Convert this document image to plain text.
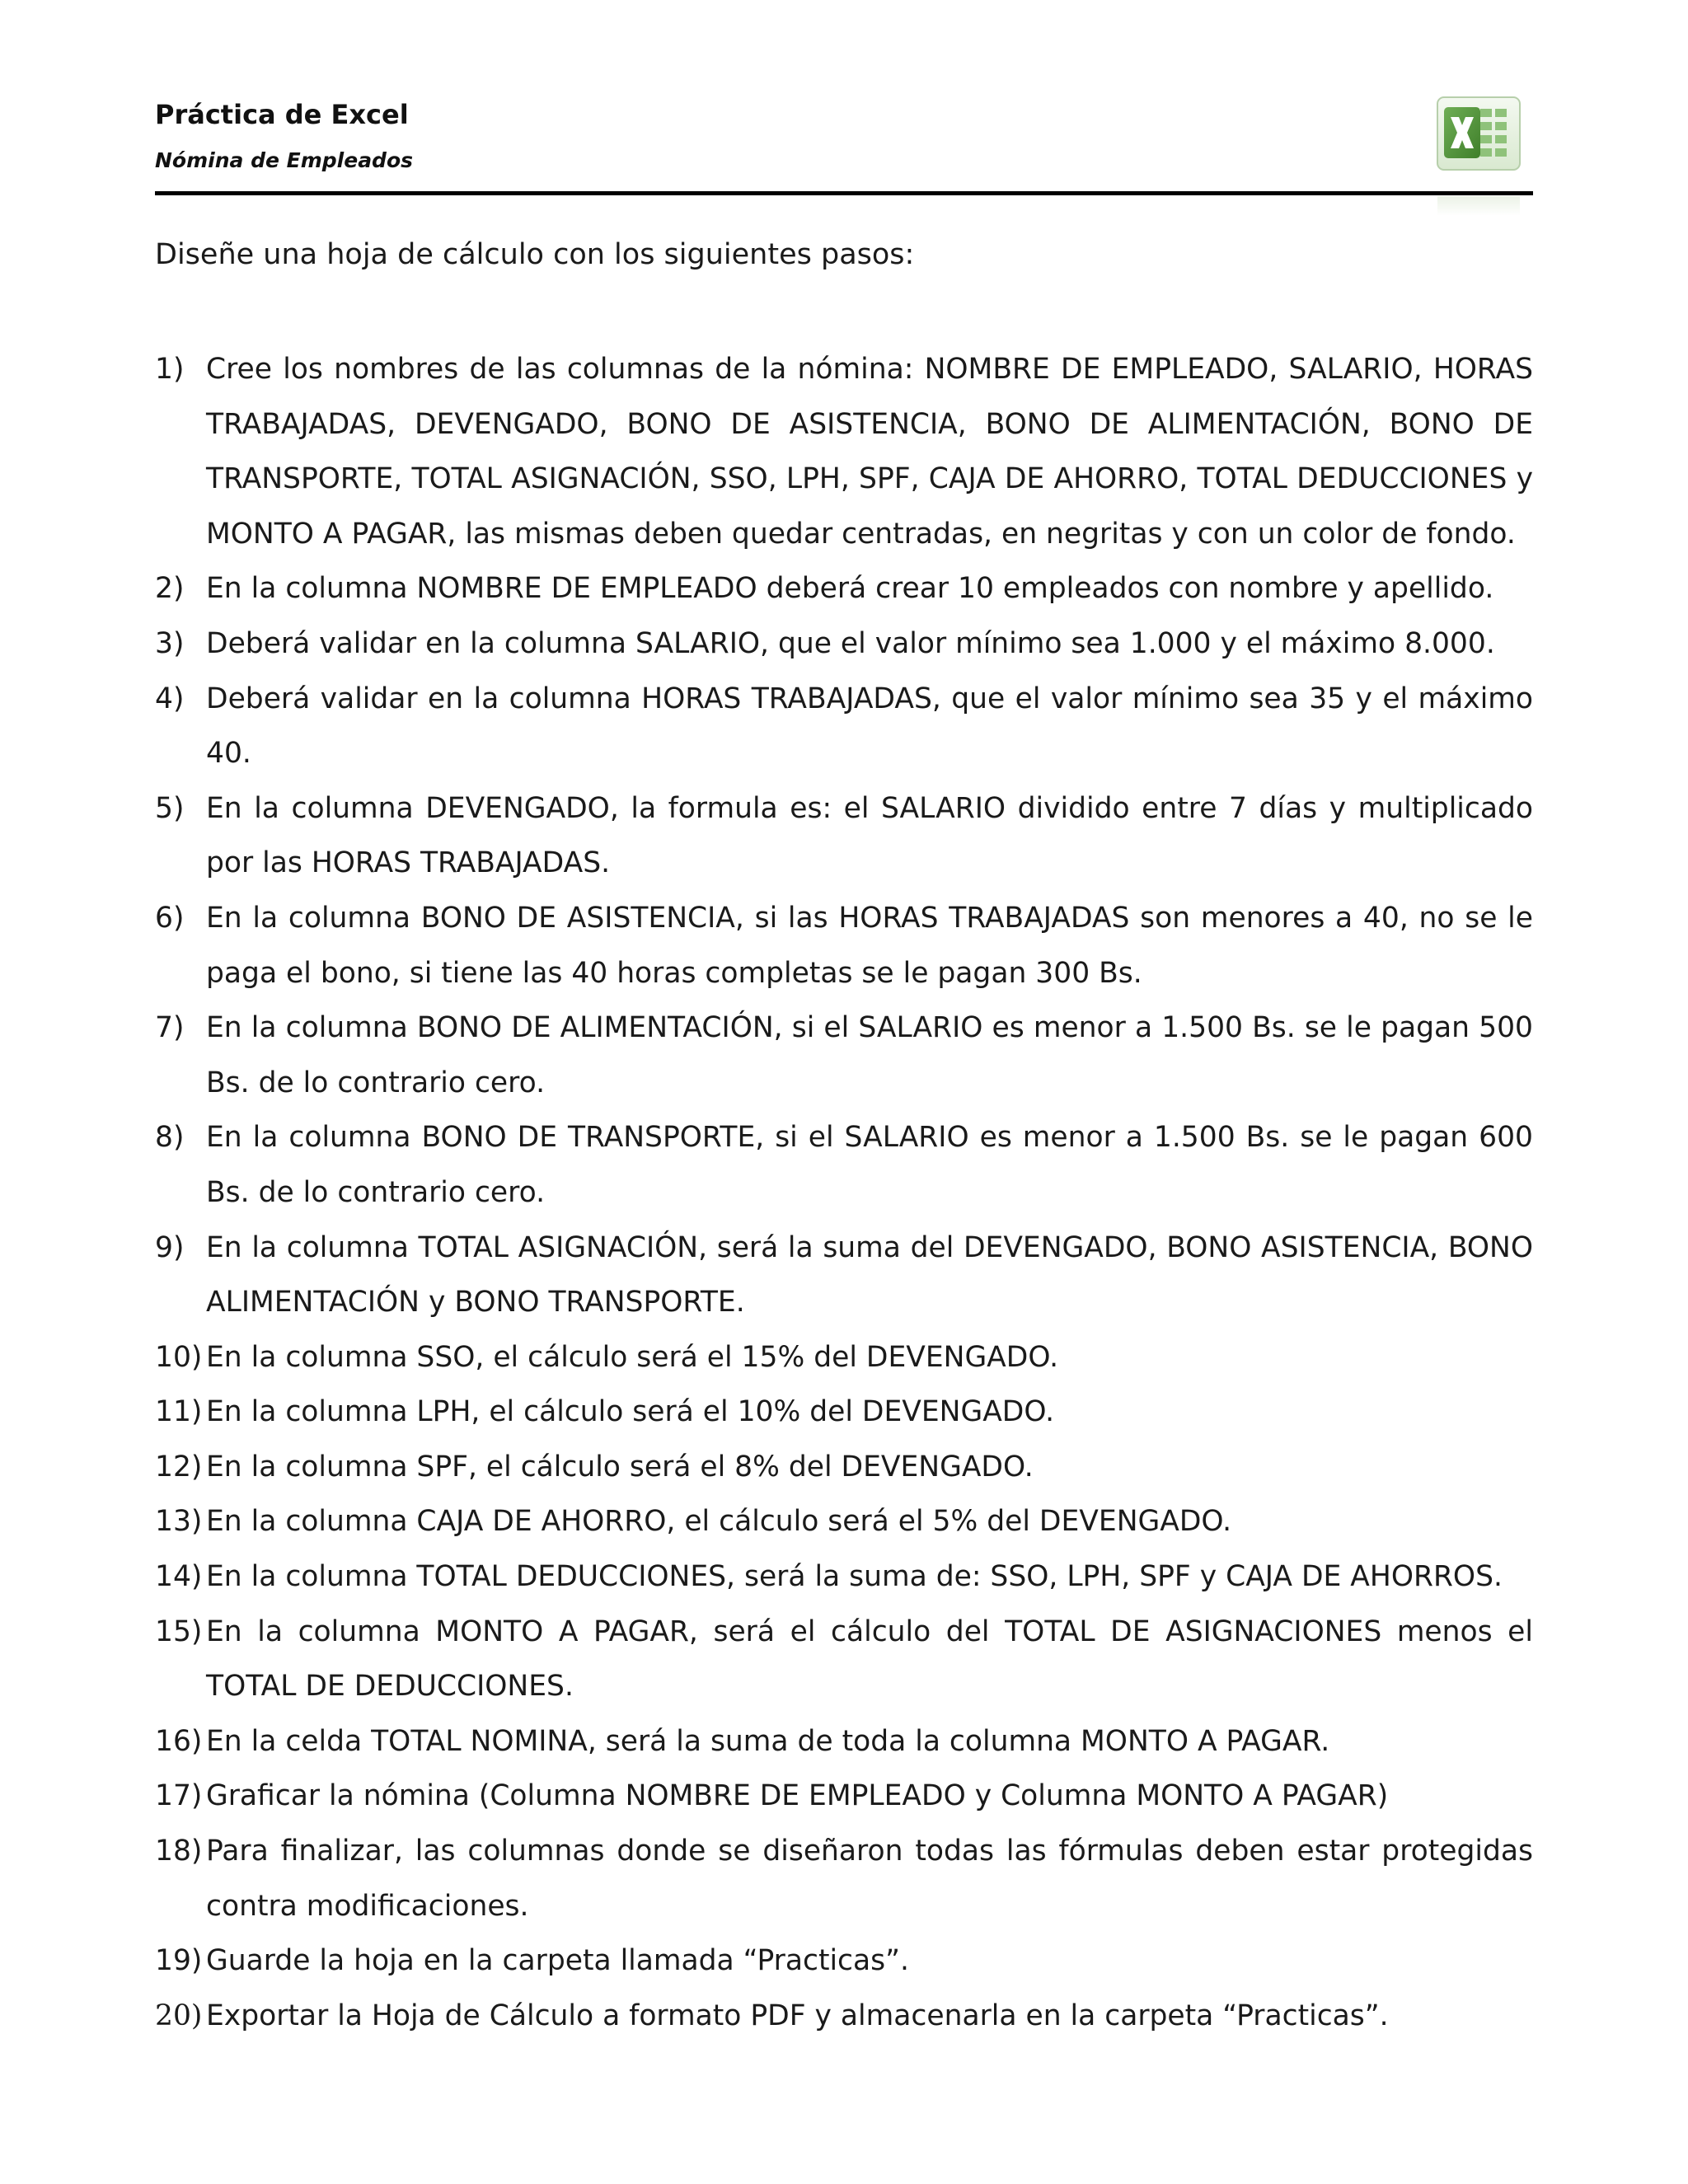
Práctica de Excel
Nómina de Empleados
Diseñe una hoja de cálculo con los siguientes pasos:
1) Cree los nombres de las columnas de la nómina: NOMBRE DE EMPLEADO, SALARIO, HORAS TRABAJADAS, DEVENGADO, BONO DE ASISTENCIA, BONO DE ALIMENTACIÓN, BONO DE TRANSPORTE, TOTAL ASIGNACIÓN, SSO, LPH, SPF, CAJA DE AHORRO, TOTAL DEDUCCIONES y MONTO A PAGAR, las mismas deben quedar centradas, en negritas y con un color de fondo.
2) En la columna NOMBRE DE EMPLEADO deberá crear 10 empleados con nombre y apellido.
3) Deberá validar en la columna SALARIO, que el valor mínimo sea 1.000 y el máximo 8.000.
4) Deberá validar en la columna HORAS TRABAJADAS, que el valor mínimo sea 35 y el máximo 40.
5) En la columna DEVENGADO, la formula es: el SALARIO dividido entre 7 días y multiplicado por las HORAS TRABAJADAS.
6) En la columna BONO DE ASISTENCIA, si las HORAS TRABAJADAS son menores a 40, no se le paga el bono, si tiene las 40 horas completas se le pagan 300 Bs.
7) En la columna BONO DE ALIMENTACIÓN, si el SALARIO es menor a 1.500 Bs. se le pagan 500 Bs. de lo contrario cero.
8) En la columna BONO DE TRANSPORTE, si el SALARIO es menor a 1.500 Bs. se le pagan 600 Bs. de lo contrario cero.
9) En la columna TOTAL ASIGNACIÓN, será la suma del DEVENGADO, BONO ASISTENCIA, BONO ALIMENTACIÓN y BONO TRANSPORTE.
10) En la columna SSO, el cálculo será el 15% del DEVENGADO.
11) En la columna LPH, el cálculo será el 10% del DEVENGADO.
12) En la columna SPF, el cálculo será el 8% del DEVENGADO.
13) En la columna CAJA DE AHORRO, el cálculo será el 5% del DEVENGADO.
14) En la columna TOTAL DEDUCCIONES, será la suma de: SSO, LPH, SPF y CAJA DE AHORROS.
15) En la columna MONTO A PAGAR, será el cálculo del TOTAL DE ASIGNACIONES menos el TOTAL DE DEDUCCIONES.
16) En la celda TOTAL NOMINA, será la suma de toda la columna MONTO A PAGAR.
17) Graficar la nómina (Columna NOMBRE DE EMPLEADO y Columna MONTO A PAGAR)
18) Para finalizar, las columnas donde se diseñaron todas las fórmulas deben estar protegidas contra modificaciones.
19) Guarde la hoja en la carpeta llamada “Practicas”.
20) Exportar la Hoja de Cálculo a formato PDF y almacenarla en la carpeta “Practicas”.
